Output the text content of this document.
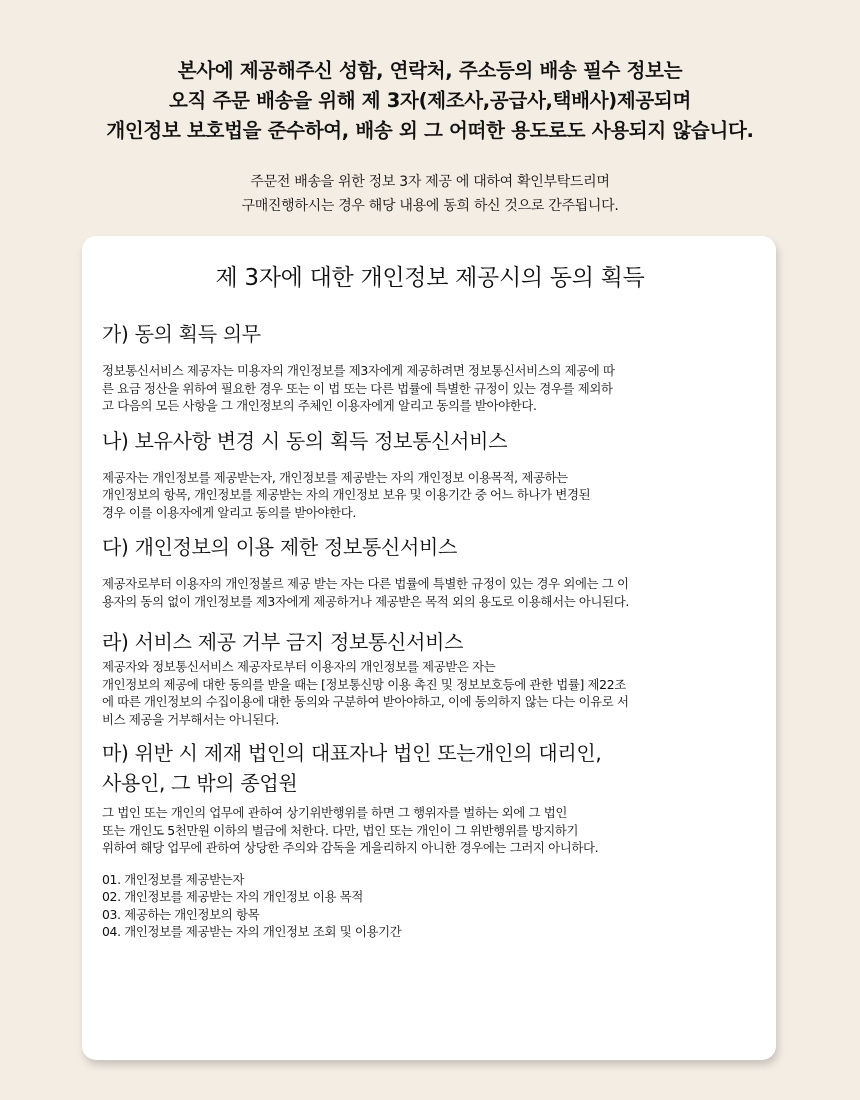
본사에 제공해주신 성함, 연락처, 주소등의 배송 필수 정보는

오직 주문 배송을 위해 제 3자(제조사,공급사,택배사)제공되며

개인정보 보호법을 준수하여, 배송 외 그 어떠한 용도로도 사용되지 않습니다.

주문전 배송을 위한 정보 3자 제공 에 대하여 확인부탁드리며

구매진행하시는 경우 해당 내용에 동희 하신 것으로 간주됩니다.

제 3자에 대한 개인정보 제공시의 동의 획득
가) 동의 획득 의무

정보통신서비스 제공자는 미용자의 개인정보를 제3자에게 제공하려면 정보통신서비스의 제공에 따
른 요금 정산을 위하여 필요한 경우 또는 이 법 또는 다른 법률에 특별한 규정이 있는 경우를 제외하
고 다음의 모든 사항을 그 개인정보의 주체인 이용자에게 알리고 동의를 받아야한다.

나) 보유사항 변경 시 동의 획득 정보통신서비스

제공자는 개인정보를 제공받는자, 개인정보를 제공받는 자의 개인정보 이용목적, 제공하는
개인정보의 항목, 개인정보를 제공받는 자의 개인정보 보유 및 이용기간 중 어느 하나가 변경된
경우 이를 이용자에게 알리고 동의를 받아야한다.

다) 개인정보의 이용 제한 정보통신서비스

제공자로부터 이용자의 개인정볼르 제공 받는 자는 다른 법률에 특별한 규정이 있는 경우 외에는 그 이
용자의 동의 없이 개인정보를 제3자에게 제공하거나 제공받은 목적 외의 용도로 이용해서는 아니된다.

라) 서비스 제공 거부 금지 정보통신서비스

제공자와 정보통신서비스 제공자로부터 이용자의 개인정보를 제공받은 자는
개인정보의 제공에 대한 동의를 받을 때는 [정보통신망 이용 촉진 및 정보보호등에 관한 법률] 제22조
에 따른 개인정보의 수집이용에 대한 동의와 구분하여 받아야하고, 이에 동의하지 않는 다는 이유로 서
비스 제공을 거부해서는 아니된다.

마) 위반 시 제재 법인의 대표자나 법인 또는개인의 대리인,
사용인, 그 밖의 종업원

그 법인 또는 개인의 업무에 관하여 상기위반행위를 하면 그 행위자를 벌하는 외에 그 법인
또는 개인도 5천만원 이하의 벌금에 처한다. 다만, 법인 또는 개인이 그 위반행위를 방지하기
위하여 해당 업무에 관하여 상당한 주의와 감독을 게을리하지 아니한 경우에는 그러지 아니하다.

01. 개인정보를 제공받는자
02. 개인정보를 제공받는 자의 개인정보 이용 목적
03. 제공하는 개인정보의 항목
04. 개인정보를 제공받는 자의 개인정보 조회 및 이용기간
